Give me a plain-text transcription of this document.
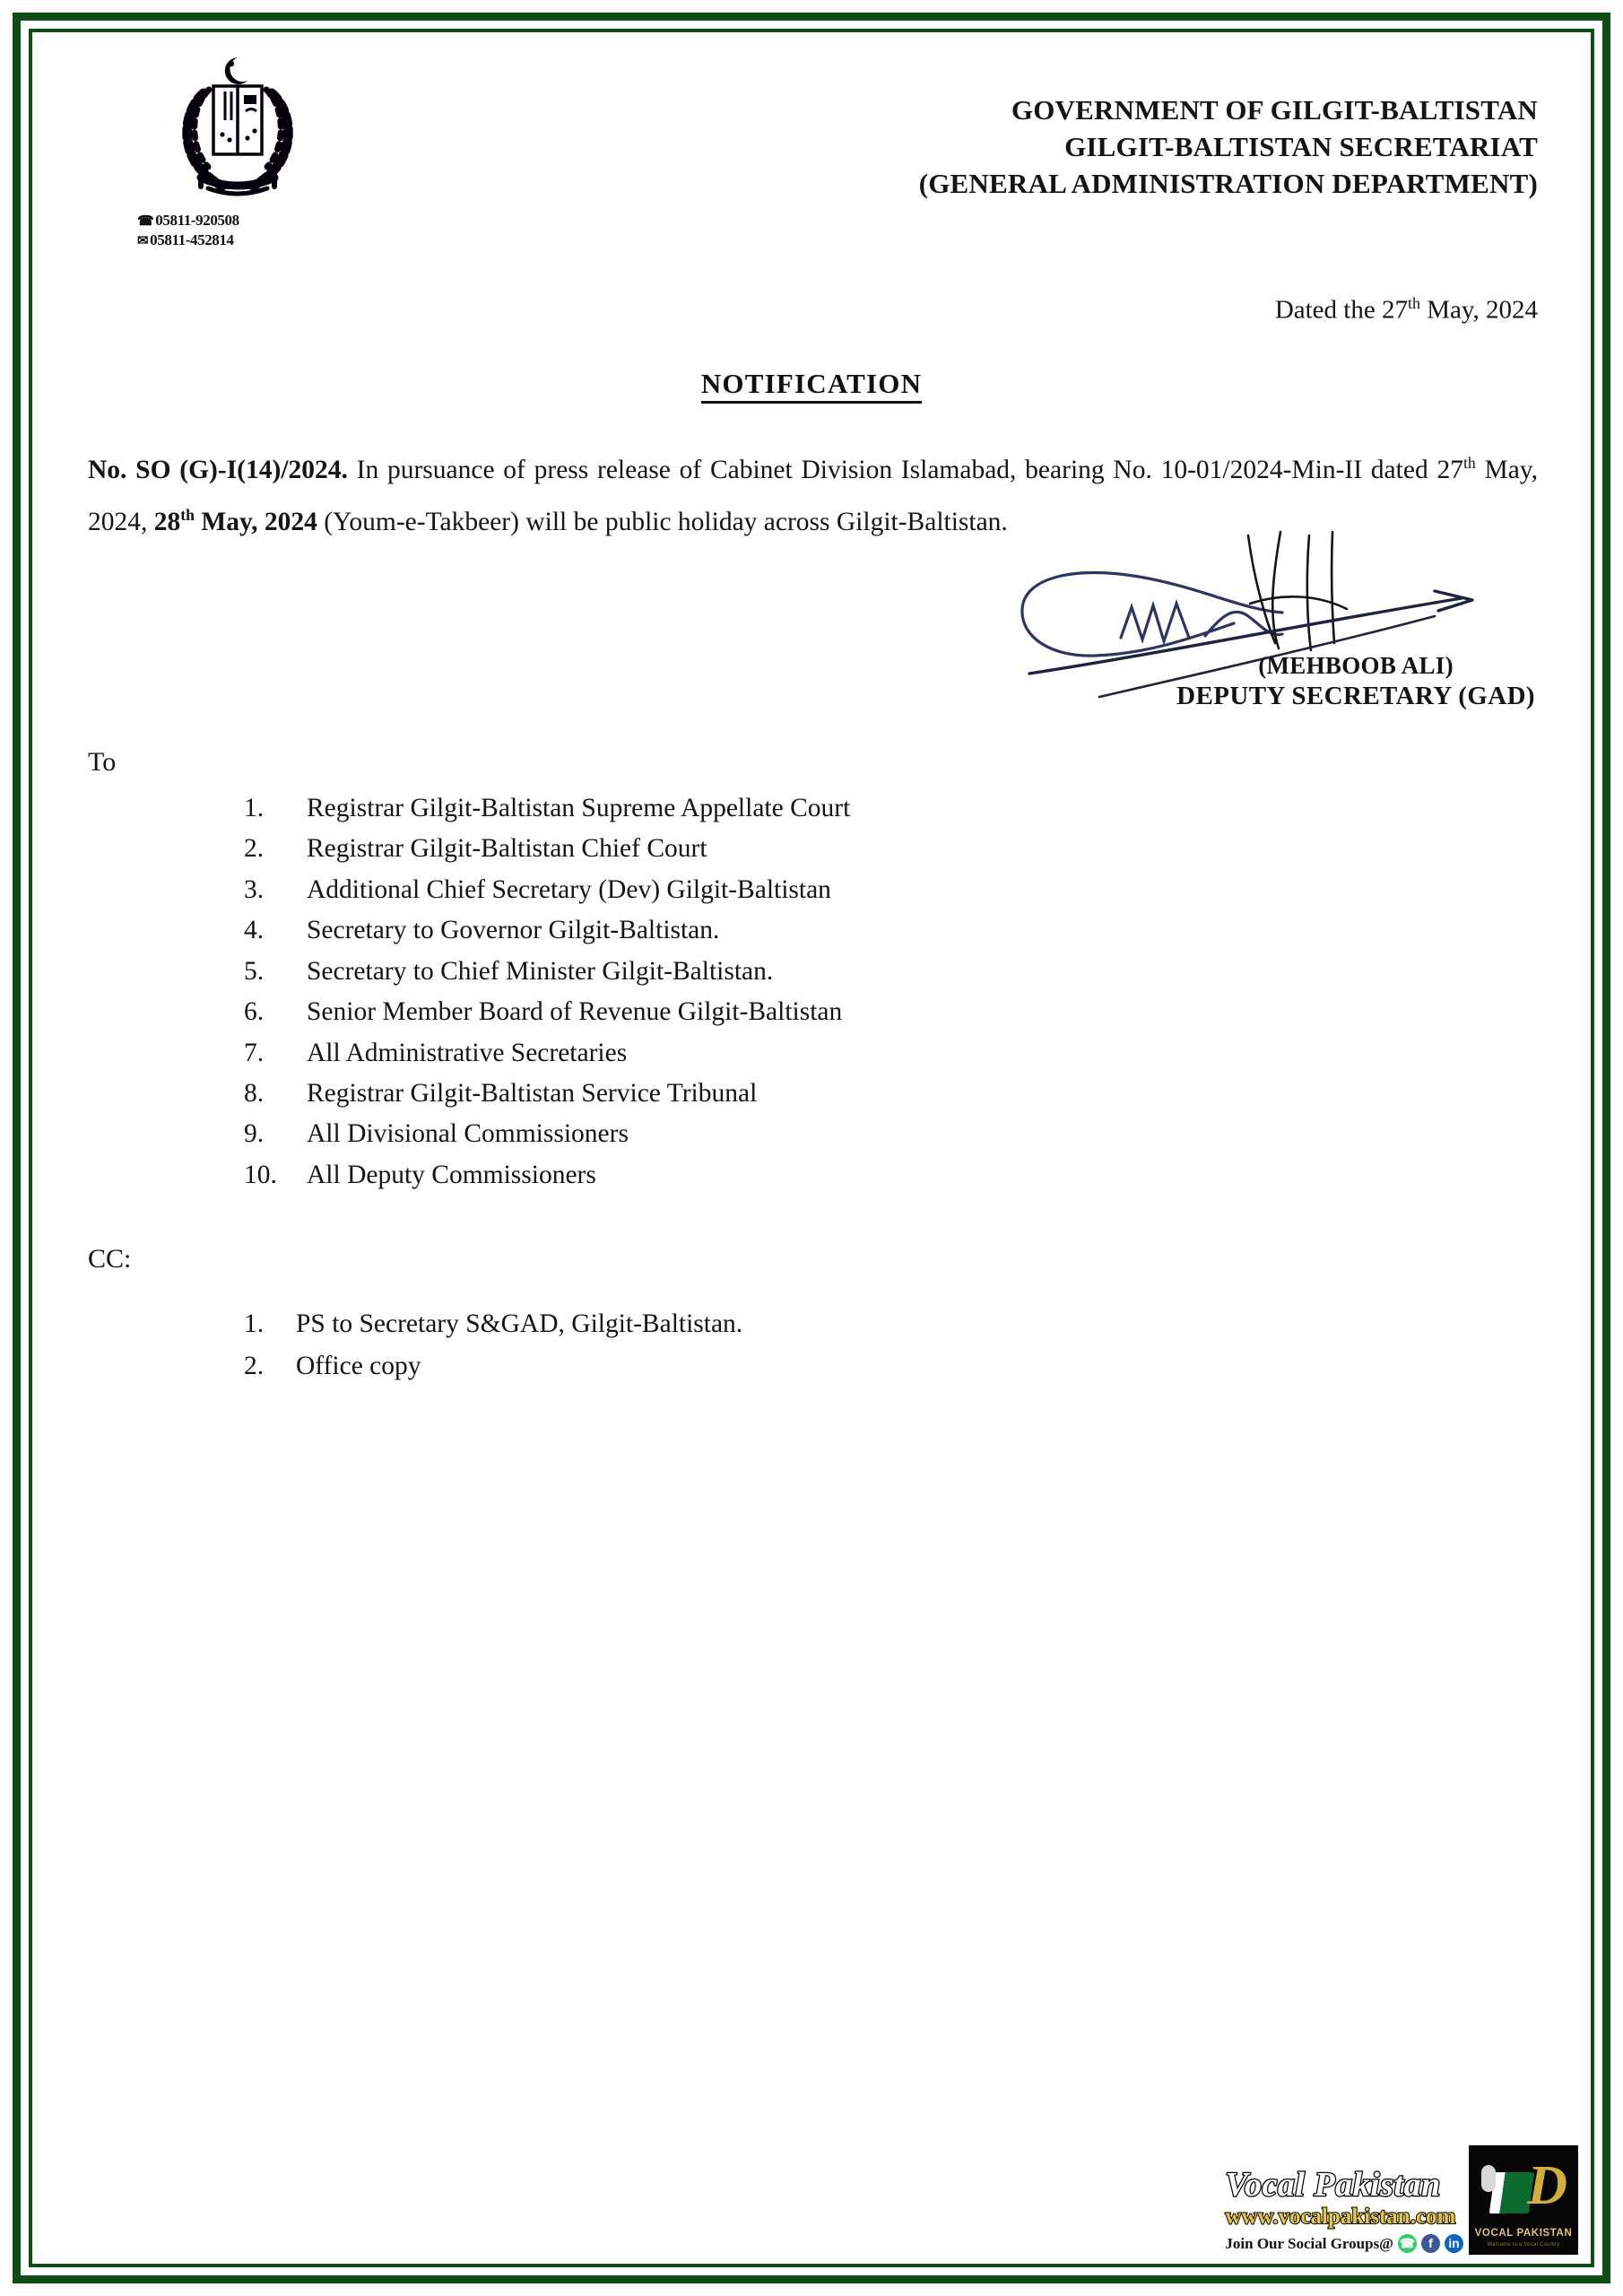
☎ 05811-920508
✉ 05811-452814
GOVERNMENT OF GILGIT-BALTISTAN
GILGIT-BALTISTAN SECRETARIAT
(GENERAL ADMINISTRATION DEPARTMENT)
Dated the 27th May, 2024
NOTIFICATION
No. SO (G)-I(14)/2024. In pursuance of press release of Cabinet Division Islamabad, bearing No. 10-01/2024-Min-II dated 27th May, 2024, 28th May, 2024 (Youm-e-Takbeer) will be public holiday across Gilgit-Baltistan.
(MEHBOOB ALI)
DEPUTY SECRETARY (GAD)
To
1.	Registrar Gilgit-Baltistan Supreme Appellate Court
2.	Registrar Gilgit-Baltistan Chief Court
3.	Additional Chief Secretary (Dev) Gilgit-Baltistan
4.	Secretary to Governor Gilgit-Baltistan.
5.	Secretary to Chief Minister Gilgit-Baltistan.
6.	Senior Member Board of Revenue Gilgit-Baltistan
7.	All Administrative Secretaries
8.	Registrar Gilgit-Baltistan Service Tribunal
9.	All Divisional Commissioners
10.	All Deputy Commissioners
CC:
1.	PS to Secretary S&GAD, Gilgit-Baltistan.
2.	Office copy
Vocal Pakistan
www.vocalpakistan.com
Join Our Social Groups@ ☎	f	in
D
VOCAL PAKISTAN
Welcome to a Vocal Country
